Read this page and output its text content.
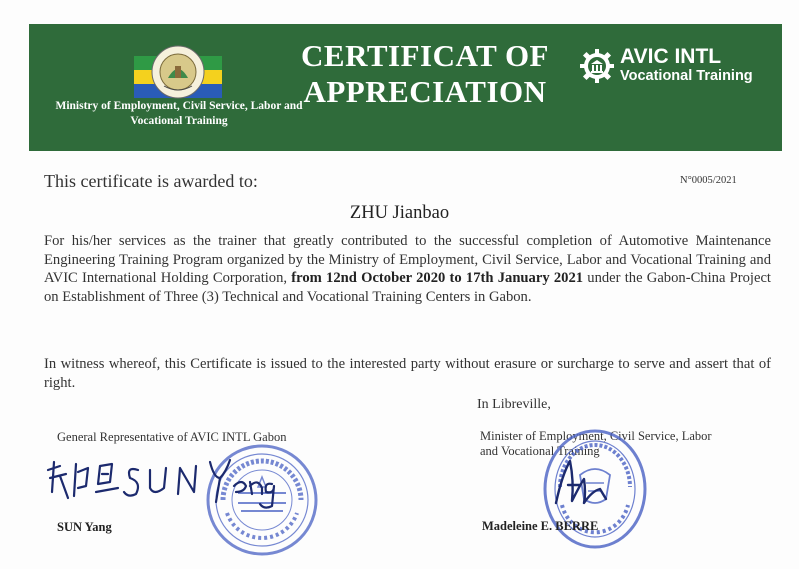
Ministry of Employment, Civil Service, Labor and Vocational Training
CERTIFICAT OF
APPRECIATION
AVIC INTL
Vocational Training
This certificate is awarded to:	N°0005/2021
ZHU Jianbao
For his/her services as the trainer that greatly contributed to the successful completion of Automotive Maintenance Engineering Training Program organized by the Ministry of Employment, Civil Service, Labor and Vocational Training and AVIC International Holding Corporation, from 12nd October 2020 to 17th January 2021 under the Gabon-China Project on Establishment of Three (3) Technical and Vocational Training Centers in Gabon.
In witness whereof, this Certificate is issued to the interested party without erasure or surcharge to serve and assert that of right.
In Libreville,
General Representative of AVIC INTL Gabon	Minister of Employment, Civil Service, Labor and Vocational Training
SUN Yang	Madeleine E. BERRE
